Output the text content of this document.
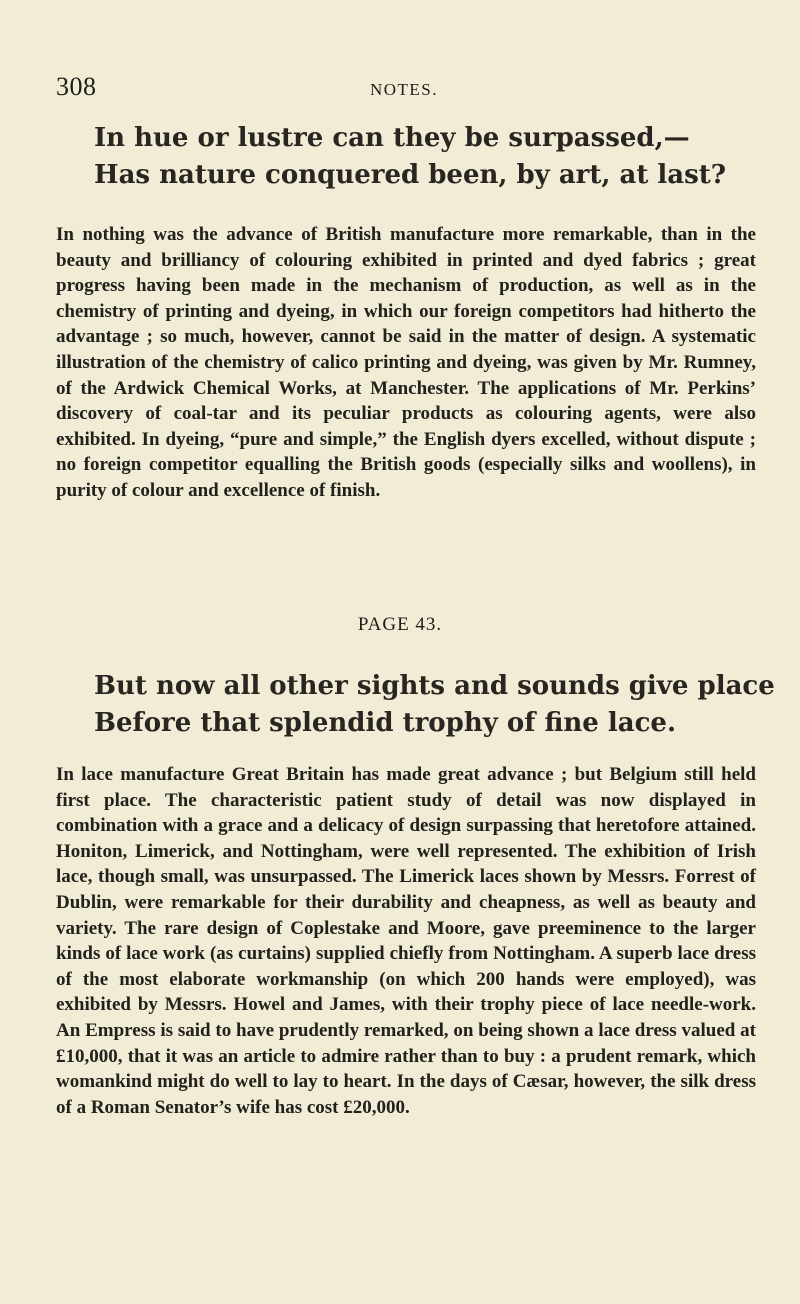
308	NOTES.
In hue or lustre can they be surpassed,—
Has nature conquered been, by art, at last?

In nothing was the advance of British manufacture more remarkable, than in the beauty and brilliancy of colouring exhibited in printed and dyed fabrics ; great progress having been made in the mechanism of production, as well as in the chemistry of printing and dyeing, in which our foreign competitors had hitherto the advantage ; so much, however, cannot be said in the matter of design. A systematic illustration of the chemistry of calico printing and dyeing, was given by Mr. Rumney, of the Ardwick Chemical Works, at Manchester. The applications of Mr. Perkins’ discovery of coal-tar and its peculiar products as colouring agents, were also exhibited. In dyeing, “pure and simple,” the English dyers excelled, without dispute ; no foreign competitor equalling the British goods (especially silks and woollens), in purity of colour and excellence of finish.

PAGE 43.
But now all other sights and sounds give place
Before that splendid trophy of fine lace.

In lace manufacture Great Britain has made great advance ; but Belgium still held first place. The characteristic patient study of detail was now displayed in combination with a grace and a delicacy of design surpassing that heretofore attained. Honiton, Limerick, and Nottingham, were well represented. The exhibition of Irish lace, though small, was unsurpassed. The Limerick laces shown by Messrs. Forrest of Dublin, were remarkable for their durability and cheapness, as well as beauty and variety. The rare design of Coplestake and Moore, gave preeminence to the larger kinds of lace work (as curtains) supplied chiefly from Nottingham. A superb lace dress of the most elaborate workmanship (on which 200 hands were employed), was exhibited by Messrs. Howel and James, with their trophy piece of lace needle-work. An Empress is said to have prudently remarked, on being shown a lace dress valued at £10,000, that it was an article to admire rather than to buy : a prudent remark, which womankind might do well to lay to heart. In the days of Cæsar, however, the silk dress of a Roman Senator’s wife has cost £20,000.
